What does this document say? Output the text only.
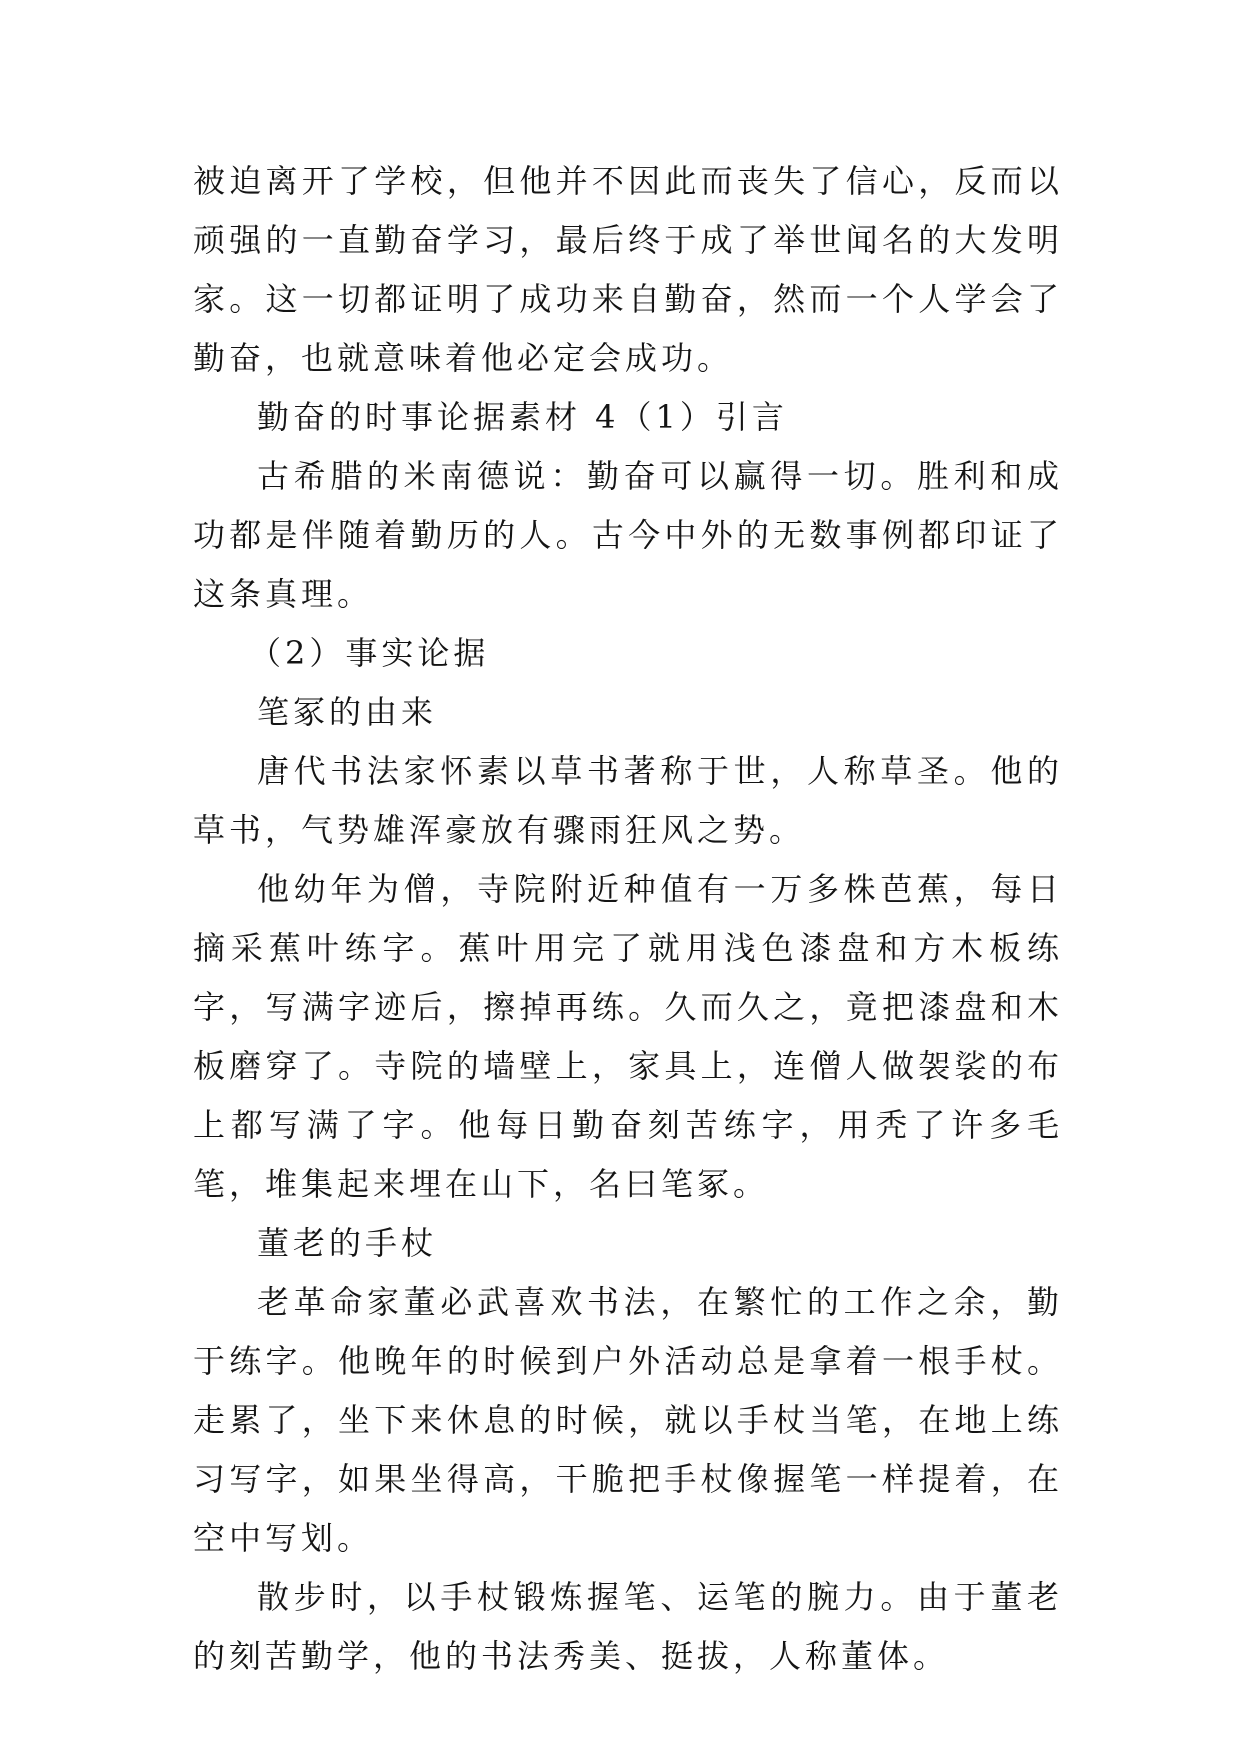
被迫离开了学校，但他并不因此而丧失了信心，反而以顽强的一直勤奋学习，最后终于成了举世闻名的大发明家。这一切都证明了成功来自勤奋，然而一个人学会了勤奋，也就意味着他必定会成功。

勤奋的时事论据素材 4（1）引言

古希腊的米南德说：勤奋可以赢得一切。胜利和成功都是伴随着勤历的人。古今中外的无数事例都印证了这条真理。

（2）事实论据

笔冢的由来

唐代书法家怀素以草书著称于世，人称草圣。他的草书，气势雄浑豪放有骤雨狂风之势。

他幼年为僧，寺院附近种值有一万多株芭蕉，每日摘采蕉叶练字。蕉叶用完了就用浅色漆盘和方木板练字，写满字迹后，擦掉再练。久而久之，竟把漆盘和木板磨穿了。寺院的墙壁上，家具上，连僧人做袈裟的布上都写满了字。他每日勤奋刻苦练字，用秃了许多毛笔，堆集起来埋在山下，名曰笔冢。

董老的手杖

老革命家董必武喜欢书法，在繁忙的工作之余，勤于练字。他晚年的时候到户外活动总是拿着一根手杖。走累了，坐下来休息的时候，就以手杖当笔，在地上练习写字，如果坐得高，干脆把手杖像握笔一样提着，在空中写划。

散步时，以手杖锻炼握笔、运笔的腕力。由于董老的刻苦勤学，他的书法秀美、挺拔，人称董体。
